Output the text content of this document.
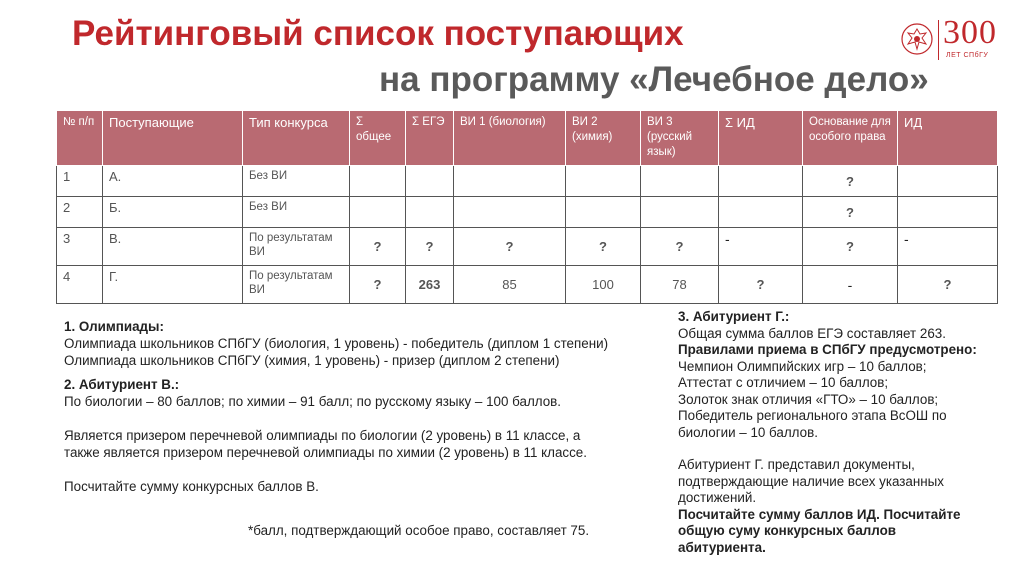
Рейтинговый список поступающих
на программу «Лечебное дело»
300
ЛЕТ СПбГУ
№ п/п	Поступающие	Тип конкурса	Σ общее	Σ ЕГЭ	ВИ 1 (биология)	ВИ 2 (химия)	ВИ 3 (русский язык)	Σ ИД	Основание для особого права	ИД
1	А.	Без ВИ							?	
2	Б.	Без ВИ							?	
3	В.	По результатам ВИ	?	?	?	?	?	-	?	-
4	Г.	По результатам ВИ	?	263	85	100	78	?	-	?

1. Олимпиады:

Олимпиада школьников СПбГУ (биология, 1 уровень) - победитель (диплом 1 степени)

Олимпиада школьников СПбГУ (химия, 1 уровень) - призер (диплом 2 степени)

2. Абитуриент В.:

По биологии – 80 баллов; по химии – 91 балл; по русскому языку – 100 баллов.

Является призером перечневой олимпиады по биологии (2 уровень) в 11 классе, а также является призером перечневой олимпиады по химии (2 уровень) в 11 классе.

Посчитайте сумму конкурсных баллов В.

*балл, подтверждающий особое право, составляет 75.

3. Абитуриент Г.:

Общая сумма баллов ЕГЭ составляет 263.

Правилами приема в СПбГУ предусмотрено:

Чемпион Олимпийских игр – 10 баллов;

Аттестат с отличием – 10 баллов;

Золоток знак отличия «ГТО» – 10 баллов;

Победитель регионального этапа ВсОШ по биологии – 10 баллов.

Абитуриент Г. представил документы, подтверждающие наличие всех указанных достижений.

Посчитайте сумму баллов ИД. Посчитайте общую суму конкурсных баллов абитуриента.
